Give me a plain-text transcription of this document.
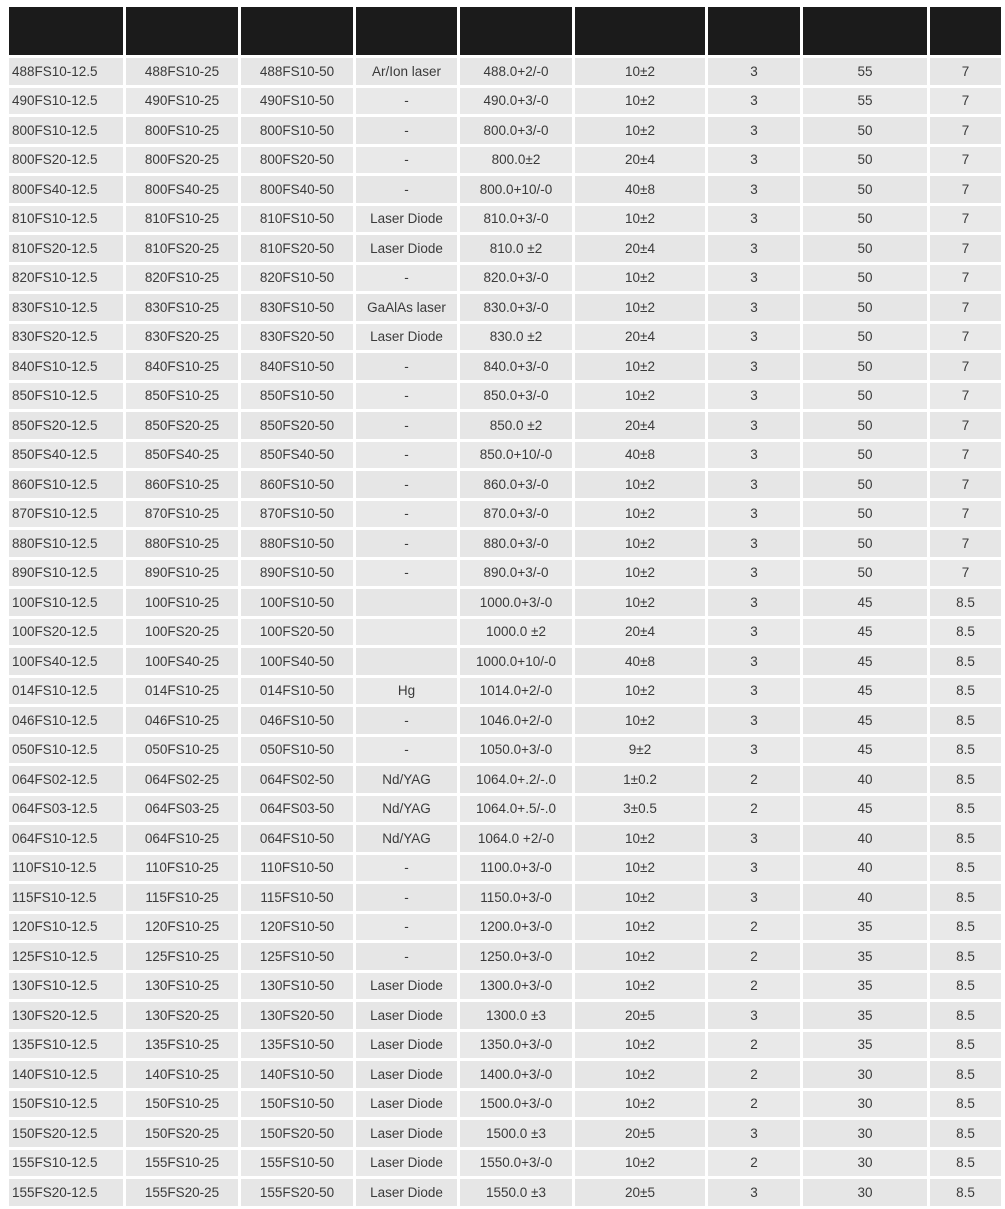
488FS10-12.5	488FS10-25	488FS10-50	Ar/Ion laser	488.0+2/-0	10±2	3	55	7
490FS10-12.5	490FS10-25	490FS10-50	-	490.0+3/-0	10±2	3	55	7
800FS10-12.5	800FS10-25	800FS10-50	-	800.0+3/-0	10±2	3	50	7
800FS20-12.5	800FS20-25	800FS20-50	-	800.0±2	20±4	3	50	7
800FS40-12.5	800FS40-25	800FS40-50	-	800.0+10/-0	40±8	3	50	7
810FS10-12.5	810FS10-25	810FS10-50	Laser Diode	810.0+3/-0	10±2	3	50	7
810FS20-12.5	810FS20-25	810FS20-50	Laser Diode	810.0 ±2	20±4	3	50	7
820FS10-12.5	820FS10-25	820FS10-50	-	820.0+3/-0	10±2	3	50	7
830FS10-12.5	830FS10-25	830FS10-50	GaAlAs laser	830.0+3/-0	10±2	3	50	7
830FS20-12.5	830FS20-25	830FS20-50	Laser Diode	830.0 ±2	20±4	3	50	7
840FS10-12.5	840FS10-25	840FS10-50	-	840.0+3/-0	10±2	3	50	7
850FS10-12.5	850FS10-25	850FS10-50	-	850.0+3/-0	10±2	3	50	7
850FS20-12.5	850FS20-25	850FS20-50	-	850.0 ±2	20±4	3	50	7
850FS40-12.5	850FS40-25	850FS40-50	-	850.0+10/-0	40±8	3	50	7
860FS10-12.5	860FS10-25	860FS10-50	-	860.0+3/-0	10±2	3	50	7
870FS10-12.5	870FS10-25	870FS10-50	-	870.0+3/-0	10±2	3	50	7
880FS10-12.5	880FS10-25	880FS10-50	-	880.0+3/-0	10±2	3	50	7
890FS10-12.5	890FS10-25	890FS10-50	-	890.0+3/-0	10±2	3	50	7
100FS10-12.5	100FS10-25	100FS10-50		1000.0+3/-0	10±2	3	45	8.5
100FS20-12.5	100FS20-25	100FS20-50		1000.0 ±2	20±4	3	45	8.5
100FS40-12.5	100FS40-25	100FS40-50		1000.0+10/-0	40±8	3	45	8.5
014FS10-12.5	014FS10-25	014FS10-50	Hg	1014.0+2/-0	10±2	3	45	8.5
046FS10-12.5	046FS10-25	046FS10-50	-	1046.0+2/-0	10±2	3	45	8.5
050FS10-12.5	050FS10-25	050FS10-50	-	1050.0+3/-0	9±2	3	45	8.5
064FS02-12.5	064FS02-25	064FS02-50	Nd/YAG	1064.0+.2/-.0	1±0.2	2	40	8.5
064FS03-12.5	064FS03-25	064FS03-50	Nd/YAG	1064.0+.5/-.0	3±0.5	2	45	8.5
064FS10-12.5	064FS10-25	064FS10-50	Nd/YAG	1064.0 +2/-0	10±2	3	40	8.5
110FS10-12.5	110FS10-25	110FS10-50	-	1100.0+3/-0	10±2	3	40	8.5
115FS10-12.5	115FS10-25	115FS10-50	-	1150.0+3/-0	10±2	3	40	8.5
120FS10-12.5	120FS10-25	120FS10-50	-	1200.0+3/-0	10±2	2	35	8.5
125FS10-12.5	125FS10-25	125FS10-50	-	1250.0+3/-0	10±2	2	35	8.5
130FS10-12.5	130FS10-25	130FS10-50	Laser Diode	1300.0+3/-0	10±2	2	35	8.5
130FS20-12.5	130FS20-25	130FS20-50	Laser Diode	1300.0 ±3	20±5	3	35	8.5
135FS10-12.5	135FS10-25	135FS10-50	Laser Diode	1350.0+3/-0	10±2	2	35	8.5
140FS10-12.5	140FS10-25	140FS10-50	Laser Diode	1400.0+3/-0	10±2	2	30	8.5
150FS10-12.5	150FS10-25	150FS10-50	Laser Diode	1500.0+3/-0	10±2	2	30	8.5
150FS20-12.5	150FS20-25	150FS20-50	Laser Diode	1500.0 ±3	20±5	3	30	8.5
155FS10-12.5	155FS10-25	155FS10-50	Laser Diode	1550.0+3/-0	10±2	2	30	8.5
155FS20-12.5	155FS20-25	155FS20-50	Laser Diode	1550.0 ±3	20±5	3	30	8.5
